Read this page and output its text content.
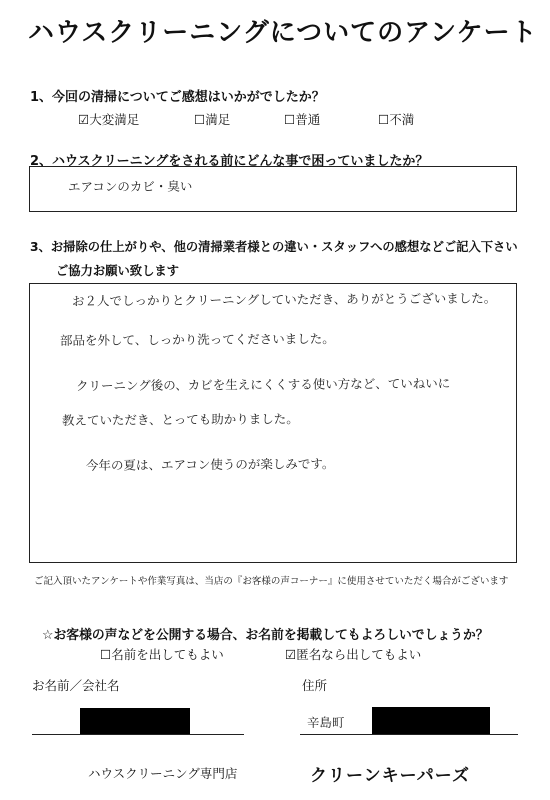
ハウスクリーニングについてのアンケート
1、今回の清掃についてご感想はいかがでしたか？
☑大変満足	☐満足	☐普通	☐不満
2、ハウスクリーニングをされる前にどんな事で困っていましたか？
エアコンのカビ・臭い
3、お掃除の仕上がりや、他の清掃業者様との違い・スタッフへの感想などご記入下さい
ご協力お願い致します
お２人でしっかりとクリーニングしていただき、ありがとうございました。
部品を外して、しっかり洗ってくださいました。
クリーニング後の、カビを生えにくくする使い方など、ていねいに
教えていただき、とっても助かりました。
今年の夏は、エアコン使うのが楽しみです。
ご記入頂いたアンケートや作業写真は、当店の『お客様の声コーナー』に使用させていただく場合がございます
☆お客様の声などを公開する場合、お名前を掲載してもよろしいでしょうか？
☐名前を出してもよい	☑匿名なら出してもよい
お名前／会社名	住所
辛島町
ハウスクリーニング専門店	クリーンキーパーズ
